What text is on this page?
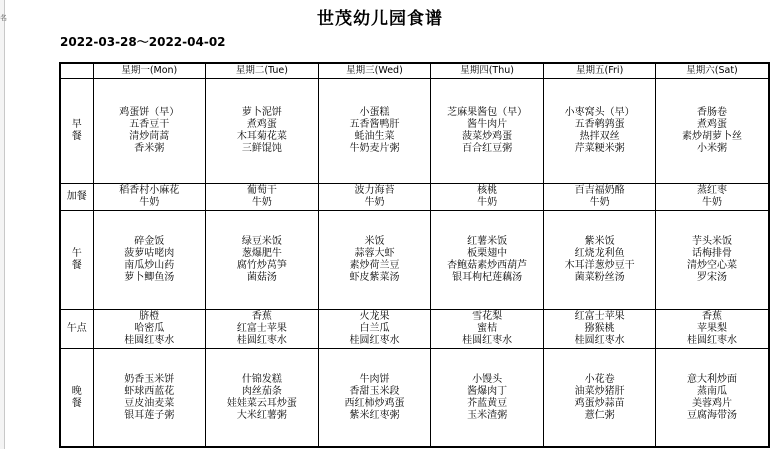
名	世茂幼儿园食谱
2022-03-28～2022-04-02
	星期一(Mon)	星期二(Tue)	星期三(Wed)	星期四(Thu)	星期五(Fri)	星期六(Sat)

早
餐	鸡蛋饼（早）
五香豆干
清炒茼蒿
香米粥	萝卜泥饼
煮鸡蛋
木耳菊花菜
三鲜馄饨	小蛋糕
五香酱鸭肝
蚝油生菜
牛奶麦片粥	芝麻果酱包（早）
酱牛肉片
菠菜炒鸡蛋
百合红豆粥	小枣窝头（早）
五香鹌鹑蛋
热拌双丝
芹菜粳米粥	香肠卷
煮鸡蛋
素炒胡萝卜丝
小米粥

加餐	稻香村小麻花
牛奶	葡萄干
牛奶	波力海苔
牛奶	核桃
牛奶	百吉福奶酪
牛奶	蒸红枣
牛奶

午
餐	碎金饭
菠萝咕咾肉
南瓜炒山药
萝卜鲫鱼汤	绿豆米饭
葱爆肥牛
腐竹炒莴笋
菌菇汤	米饭
蒜蓉大虾
素炒荷兰豆
虾皮紫菜汤	红薯米饭
板栗翅中
杏鲍菇素炒西葫芦
银耳枸杞莲藕汤	紫米饭
红烧龙利鱼
木耳洋葱炒豆干
菌菜粉丝汤	芋头米饭
话梅排骨
清炒空心菜
罗宋汤

午点	脐橙
哈密瓜
桂圆红枣水	香蕉
红富士苹果
桂圆红枣水	火龙果
白兰瓜
桂圆红枣水	雪花梨
蜜桔
桂圆红枣水	红富士苹果
猕猴桃
桂圆红枣水	香蕉
苹果梨
桂圆红枣水

晚
餐	奶香玉米饼
虾球西蓝花
豆皮油麦菜
银耳莲子粥	什锦发糕
肉丝茄条
娃娃菜云耳炒蛋
大米红薯粥	牛肉饼
香甜玉米段
西红柿炒鸡蛋
紫米红枣粥	小馒头
酱爆肉丁
芥蓝黄豆
玉米渣粥	小花卷
油菜炒猪肝
鸡蛋炒蒜苗
薏仁粥	意大利炒面
蒸南瓜
美蓉鸡片
豆腐海带汤
